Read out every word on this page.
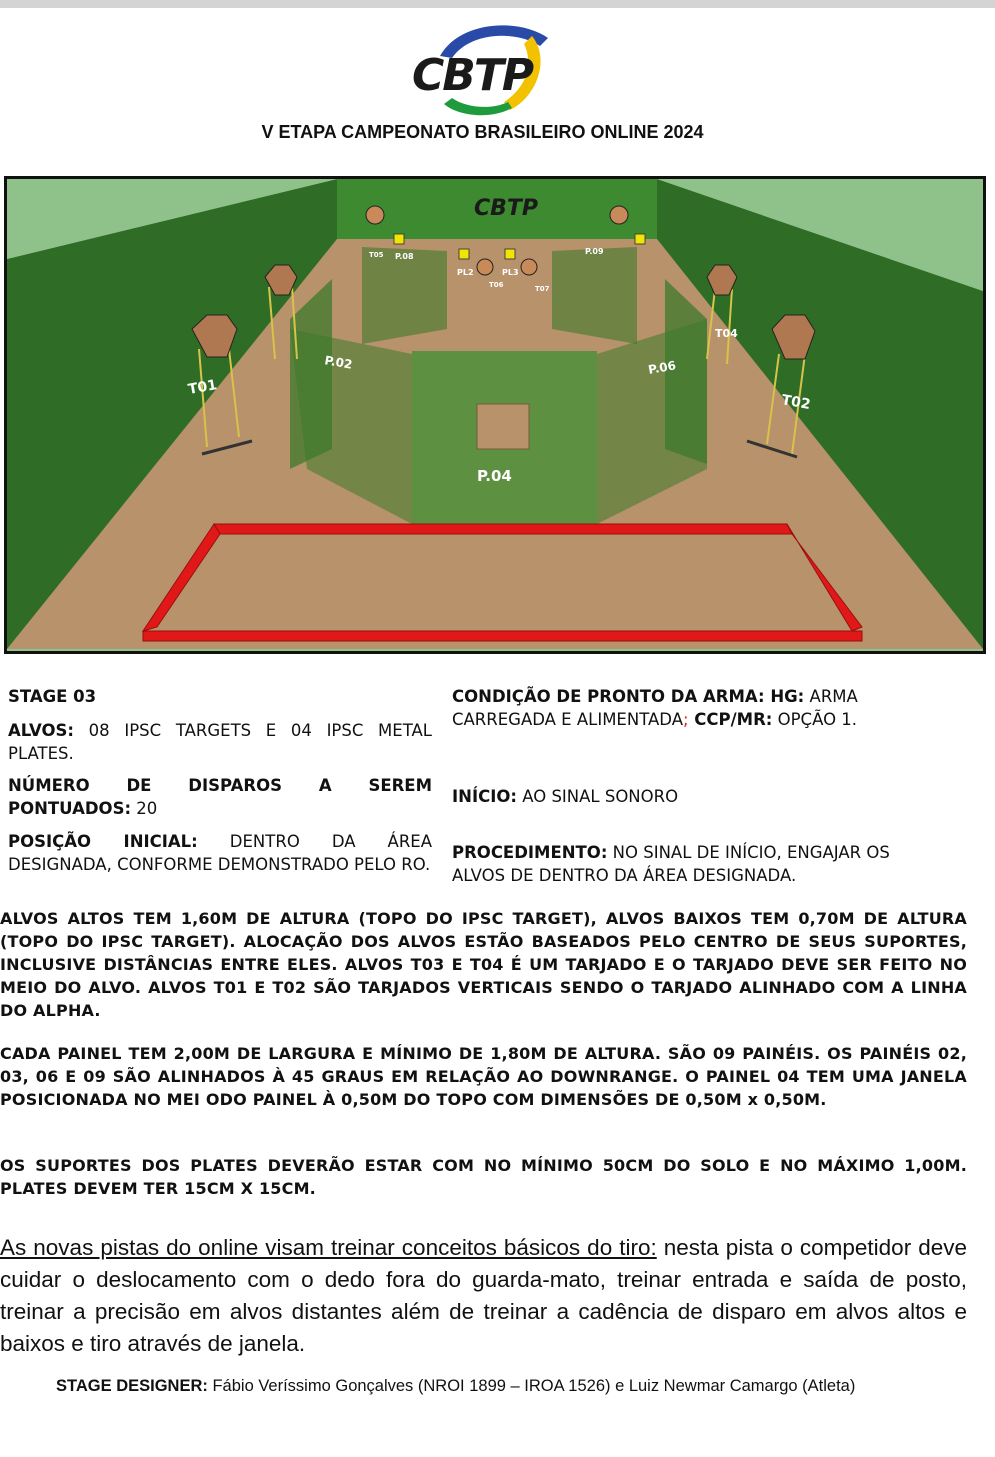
CBTP
V ETAPA CAMPEONATO BRASILEIRO ONLINE 2024
CBTP
T01
T02
T04
P.02
P.04
P.06
P.08
P.09
T05
PL2	PL3
T06	T07
STAGE 03
ALVOS: 08 IPSC TARGETS E 04 IPSC METAL PLATES.
NÚMERO DE DISPAROS A SEREM PONTUADOS: 20
POSIÇÃO INICIAL: DENTRO DA ÁREA DESIGNADA, CONFORME DEMONSTRADO PELO RO.
CONDIÇÃO DE PRONTO DA ARMA: HG: ARMA
CARREGADA E ALIMENTADA; CCP/MR: OPÇÃO 1.
INÍCIO: AO SINAL SONORO
PROCEDIMENTO: NO SINAL DE INÍCIO, ENGAJAR OS
ALVOS DE DENTRO DA ÁREA DESIGNADA.
ALVOS ALTOS TEM 1,60M DE ALTURA (TOPO DO IPSC TARGET), ALVOS BAIXOS TEM 0,70M DE ALTURA (TOPO DO IPSC TARGET). ALOCAÇÃO DOS ALVOS ESTÃO BASEADOS PELO CENTRO DE SEUS SUPORTES, INCLUSIVE DISTÂNCIAS ENTRE ELES. ALVOS T03 E T04 É UM TARJADO E O TARJADO DEVE SER FEITO NO MEIO DO ALVO. ALVOS T01 E T02 SÃO TARJADOS VERTICAIS SENDO O TARJADO ALINHADO COM A LINHA DO ALPHA.
CADA PAINEL TEM 2,00M DE LARGURA E MÍNIMO DE 1,80M DE ALTURA. SÃO 09 PAINÉIS. OS PAINÉIS 02, 03, 06 E 09 SÃO ALINHADOS À 45 GRAUS EM RELAÇÃO AO DOWNRANGE. O PAINEL 04 TEM UMA JANELA POSICIONADA NO MEI ODO PAINEL À 0,50M DO TOPO COM DIMENSÕES DE 0,50M x 0,50M.
OS SUPORTES DOS PLATES DEVERÃO ESTAR COM NO MÍNIMO 50CM DO SOLO E NO MÁXIMO 1,00M. PLATES DEVEM TER 15CM X 15CM.
As novas pistas do online visam treinar conceitos básicos do tiro: nesta pista o competidor deve cuidar o deslocamento com o dedo fora do guarda-mato, treinar entrada e saída de posto, treinar a precisão em alvos distantes além de treinar a cadência de disparo em alvos altos e baixos e tiro através de janela.
STAGE DESIGNER: Fábio Veríssimo Gonçalves (NROI 1899 – IROA 1526) e Luiz Newmar Camargo (Atleta)
